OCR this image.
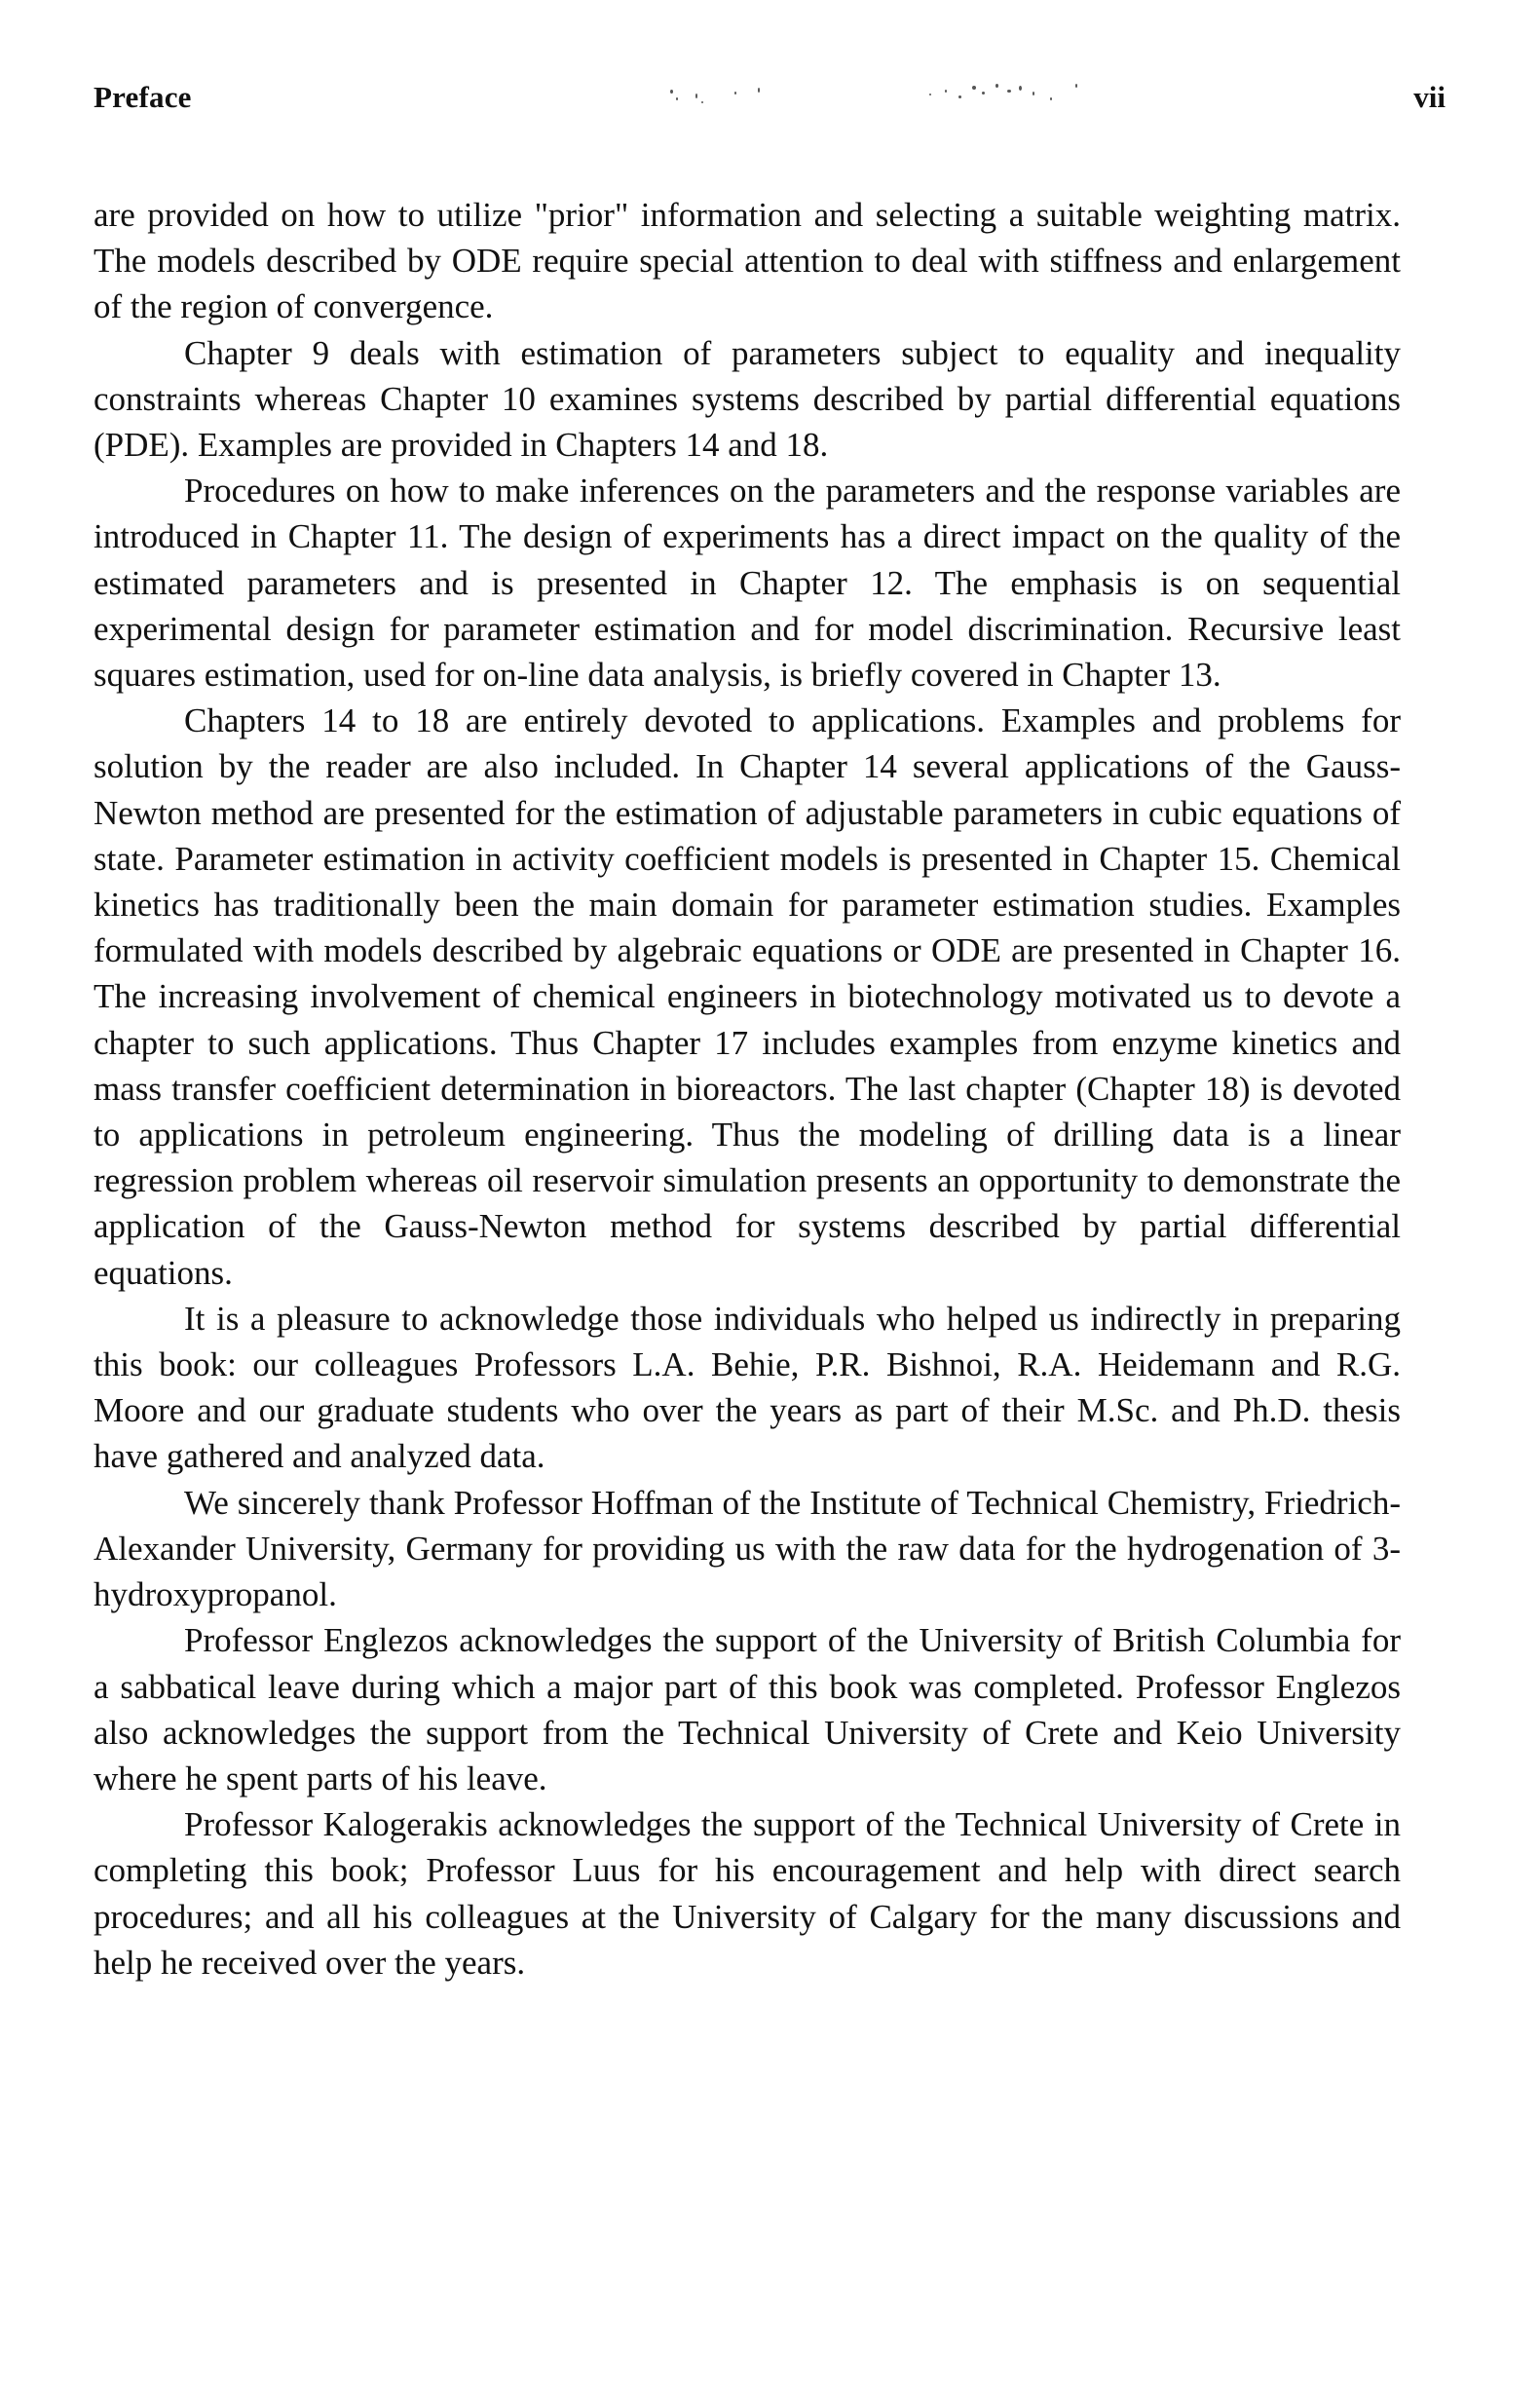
Preface	vii

are provided on how to utilize "prior" information and selecting a suitable weighting matrix. The models described by ODE require special attention to deal with stiffness and enlargement of the region of convergence.

Chapter 9 deals with estimation of parameters subject to equality and inequality constraints whereas Chapter 10 examines systems described by partial differential equations (PDE). Examples are provided in Chapters 14 and 18.

Procedures on how to make inferences on the parameters and the response variables are introduced in Chapter 11. The design of experiments has a direct impact on the quality of the estimated parameters and is presented in Chapter 12. The emphasis is on sequential experimental design for parameter estimation and for model discrimination. Recursive least squares estimation, used for on-line data analysis, is briefly covered in Chapter 13.

Chapters 14 to 18 are entirely devoted to applications. Examples and problems for solution by the reader are also included. In Chapter 14 several applications of the Gauss-Newton method are presented for the estimation of adjustable parameters in cubic equations of state. Parameter estimation in activity coefficient models is presented in Chapter 15. Chemical kinetics has traditionally been the main domain for parameter estimation studies. Examples formulated with models described by algebraic equations or ODE are presented in Chapter 16. The increasing involvement of chemical engineers in biotechnology motivated us to devote a chapter to such applications. Thus Chapter 17 includes examples from enzyme kinetics and mass transfer coefficient determination in bioreactors. The last chapter (Chapter 18) is devoted to applications in petroleum engineering. Thus the modeling of drilling data is a linear regression problem whereas oil reservoir simulation presents an opportunity to demonstrate the application of the Gauss-Newton method for systems described by partial differential equations.

It is a pleasure to acknowledge those individuals who helped us indirectly in preparing this book: our colleagues Professors L.A. Behie, P.R. Bishnoi, R.A. Heidemann and R.G. Moore and our graduate students who over the years as part of their M.Sc. and Ph.D. thesis have gathered and analyzed data.

We sincerely thank Professor Hoffman of the Institute of Technical Chemistry, Friedrich-Alexander University, Germany for providing us with the raw data for the hydrogenation of 3-hydroxypropanol.

Professor Englezos acknowledges the support of the University of British Columbia for a sabbatical leave during which a major part of this book was completed. Professor Englezos also acknowledges the support from the Technical University of Crete and Keio University where he spent parts of his leave.

Professor Kalogerakis acknowledges the support of the Technical University of Crete in completing this book; Professor Luus for his encouragement and help with direct search procedures; and all his colleagues at the University of Calgary for the many discussions and help he received over the years.
